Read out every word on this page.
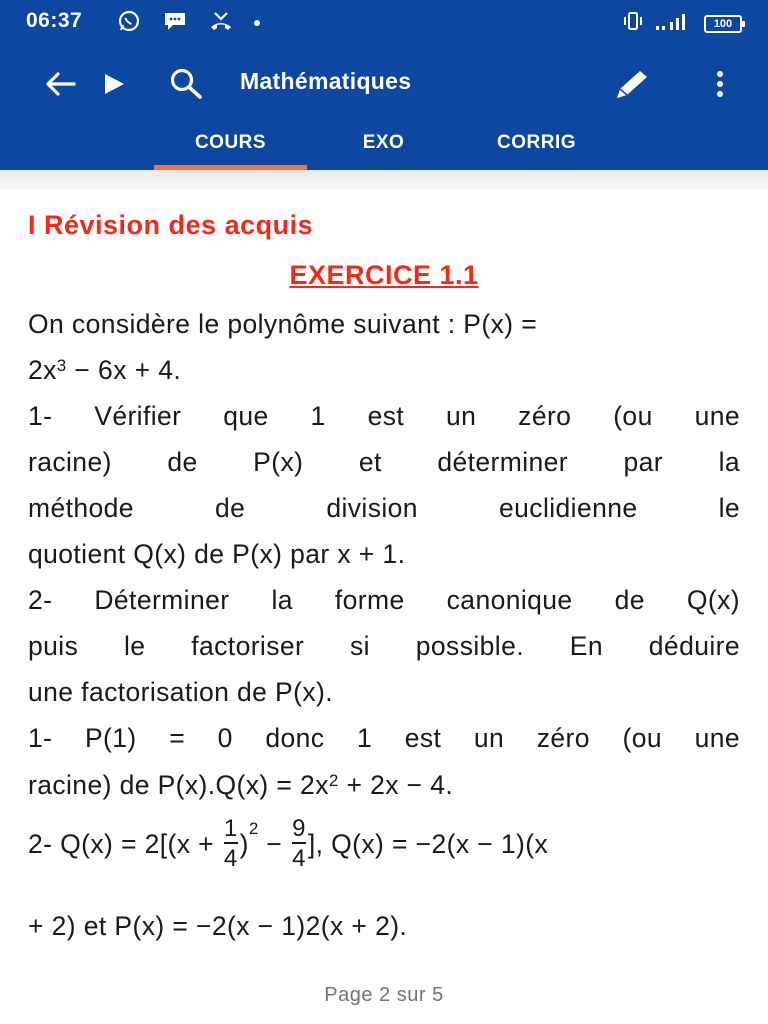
06:37	100
Mathématiques
COURS	EXO	CORRIG
I Révision des acquis
EXERCICE 1.1
On considère le polynôme suivant : P(x) =
$2x^3 - 6x + 4$.
1- Vérifier que 1 est un zéro (ou une
racine) de P(x) et déterminer par la
méthode de division euclidienne le
quotient Q(x) de P(x) par x + 1.
2- Déterminer la forme canonique de Q(x)
puis le factoriser si possible. En déduire
une factorisation de P(x).
1- P(1) = 0 donc 1 est un zéro (ou une
racine) de $P(x).Q(x) = 2x^2 + 2x - 4$.
2- $Q(x) = 2[(x + \frac{1}{4} )^2 - \frac{9}{4}$ ], Q(x) = −2(x − 1)(x
+ 2) et P(x) = −2(x − 1)2(x + 2).
Page 2 sur 5
